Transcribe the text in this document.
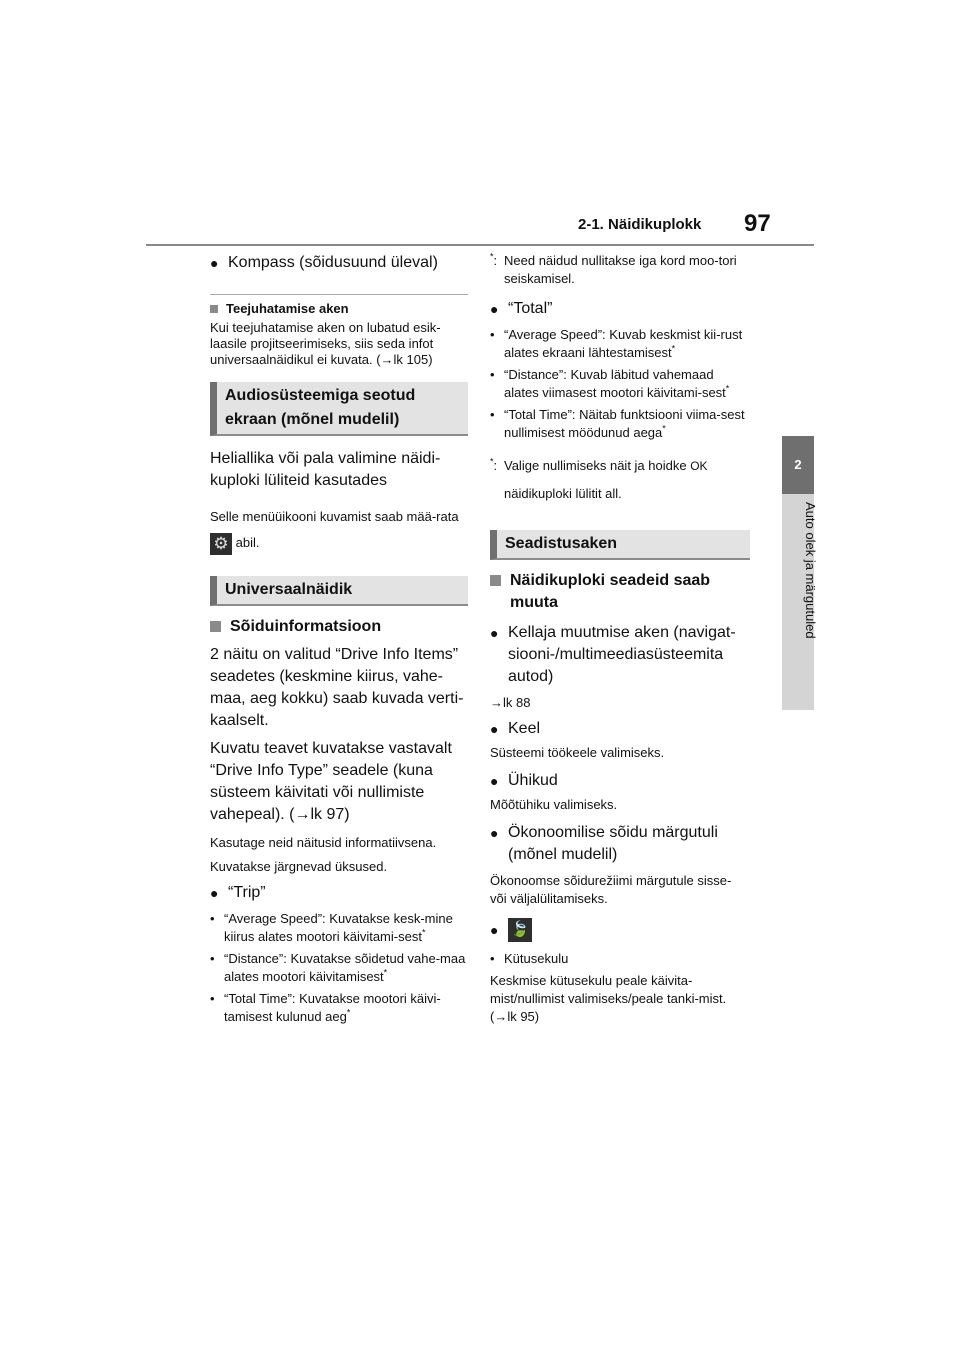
2-1. Näidikuplokk 97
2
Auto olek ja märgutuled
● Kompass (sõidusuund üleval)
Teejuhatamise aken

Kui teejuhatamise aken on lubatud esik-laasile projitseerimiseks, siis seda infot universaalnäidikul ei kuvata. (→lk 105)

Audiosüsteemiga seotud ekraan (mõnel mudelil)

Heliallika või pala valimine näidi-kuploki lüliteid kasutades

Selle menüüikooni kuvamist saab mää-rata⚙ abil.

Universaalnäidik
Sõiduinformatsioon

2 näitu on valitud “Drive Info Items” seadetes (keskmine kiirus, vahe-maa, aeg kokku) saab kuvada verti-kaalselt.

Kuvatu teavet kuvatakse vastavalt “Drive Info Type” seadele (kuna süsteem käivitati või nullimiste vahepeal). (→lk 97)

Kasutage neid näitusid informatiivsena.

Kuvatakse järgnevad üksused.

● “Trip”
• “Average Speed”: Kuvatakse kesk-mine kiirus alates mootori käivitami-sest*
• “Distance”: Kuvatakse sõidetud vahe-maa alates mootori käivitamisest*
• “Total Time”: Kuvatakse mootori käivi-tamisest kulunud aeg*
*: Need näidud nullitakse iga kord moo-tori seiskamisel.
● “Total”
• “Average Speed”: Kuvab keskmist kii-rust alates ekraani lähtestamisest*
• “Distance”: Kuvab läbitud vahemaad alates viimasest mootori käivitami-sest*
• “Total Time”: Näitab funktsiooni viima-sest nullimisest möödunud aega*
*: Valige nullimiseks näit ja hoidke OK
näidikuploki lülitit all.
Seadistusaken
Näidikuploki seadeid saab muuta
● Kellaja muutmise aken (navigat-siooni-/multimeediasüsteemita autod)

→lk 88

● Keel

Süsteemi töökeele valimiseks.

● Ühikud

Mõõtühiku valimiseks.

● Ökonoomilise sõidu märgutuli (mõnel mudelil)

Ökonoomse sõidurežiimi märgutule sisse- või väljalülitamiseks.

● 🍃
• Kütusekulu

Keskmise kütusekulu peale käivita-mist/nullimist valimiseks/peale tanki-mist. (→lk 95)
